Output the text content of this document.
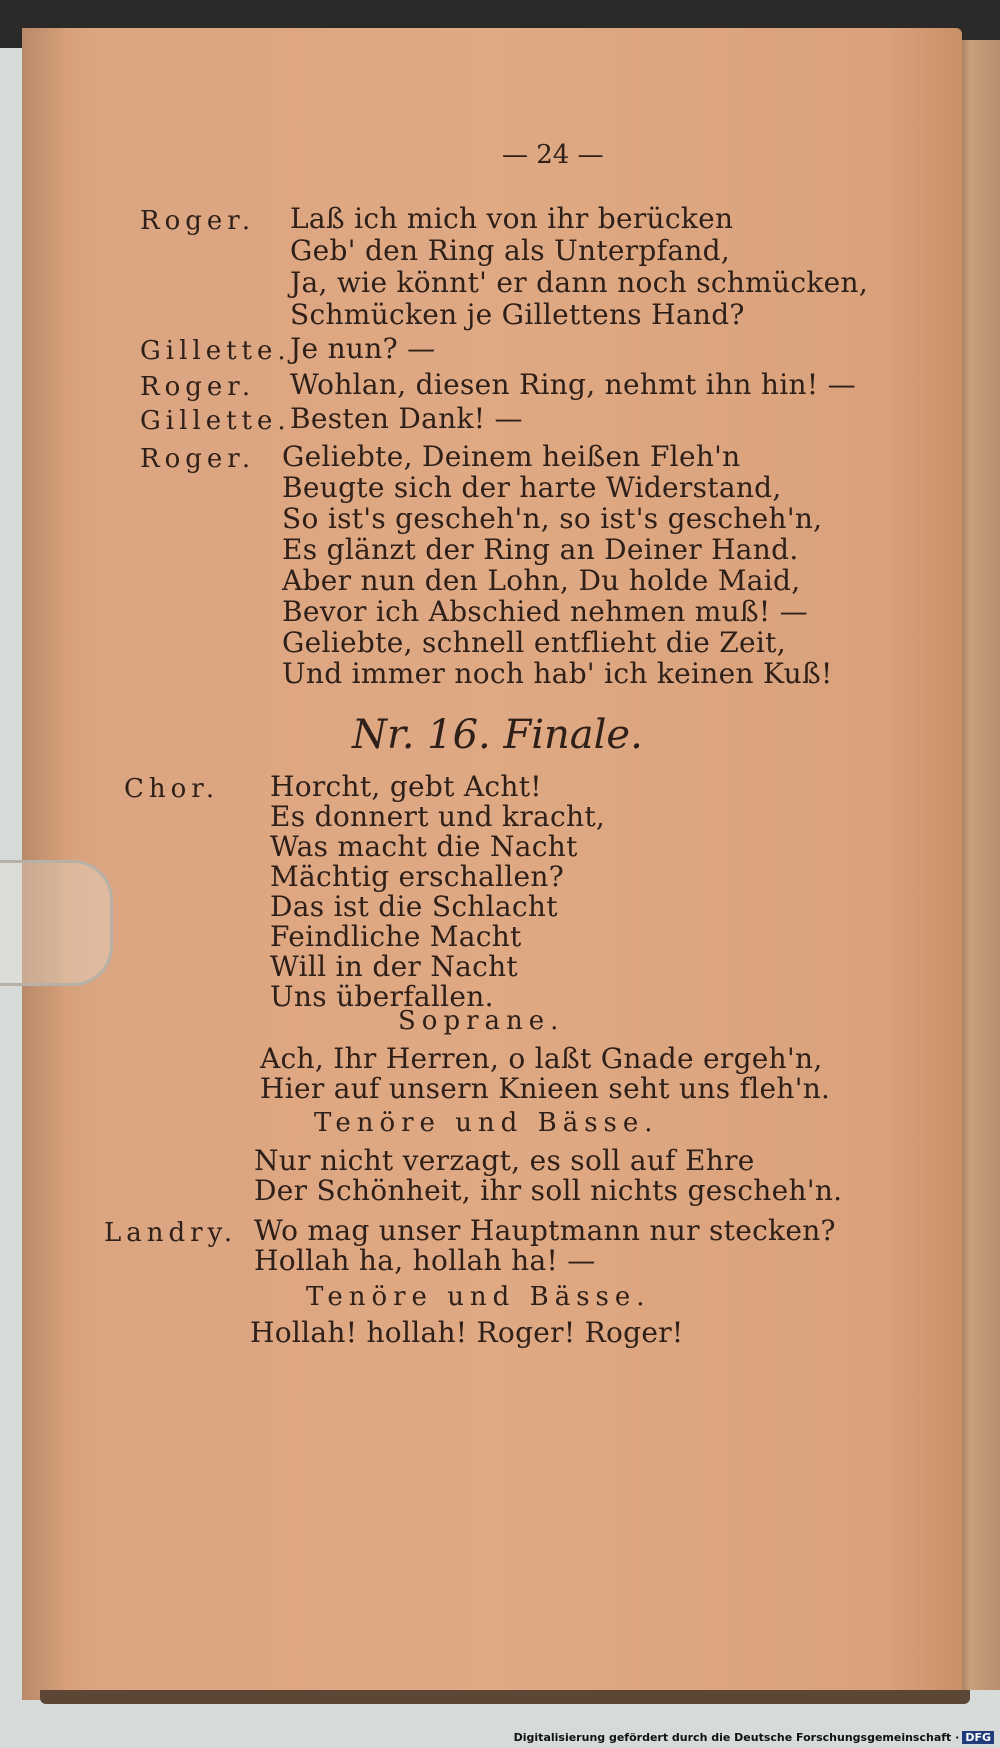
— 24 —
Roger. Laß ich mich von ihr berücken
Geb' den Ring als Unterpfand,
Ja, wie könnt' er dann noch schmücken,
Schmücken je Gillettens Hand?
Gillette. Je nun? —
Roger. Wohlan, diesen Ring, nehmt ihn hin! —
Gillette. Besten Dank! —
Roger. Geliebte, Deinem heißen Fleh'n
Beugte sich der harte Widerstand,
So ist's gescheh'n, so ist's gescheh'n,
Es glänzt der Ring an Deiner Hand.
Aber nun den Lohn, Du holde Maid,
Bevor ich Abschied nehmen muß! —
Geliebte, schnell entflieht die Zeit,
Und immer noch hab' ich keinen Kuß!
Nr. 16. Finale.
Chor. Horcht, gebt Acht!
Es donnert und kracht,
Was macht die Nacht
Mächtig erschallen?
Das ist die Schlacht
Feindliche Macht
Will in der Nacht
Uns überfallen.
Soprane.
Ach, Ihr Herren, o laßt Gnade ergeh'n,
Hier auf unsern Knieen seht uns fleh'n.
Tenöre und Bässe.
Nur nicht verzagt, es soll auf Ehre
Der Schönheit, ihr soll nichts gescheh'n.
Landry. Wo mag unser Hauptmann nur stecken?
Hollah ha, hollah ha! —
Tenöre und Bässe.
Hollah! hollah! Roger! Roger!
Digitalisierung gefördert durch die Deutsche Forschungsgemeinschaft · DFG
